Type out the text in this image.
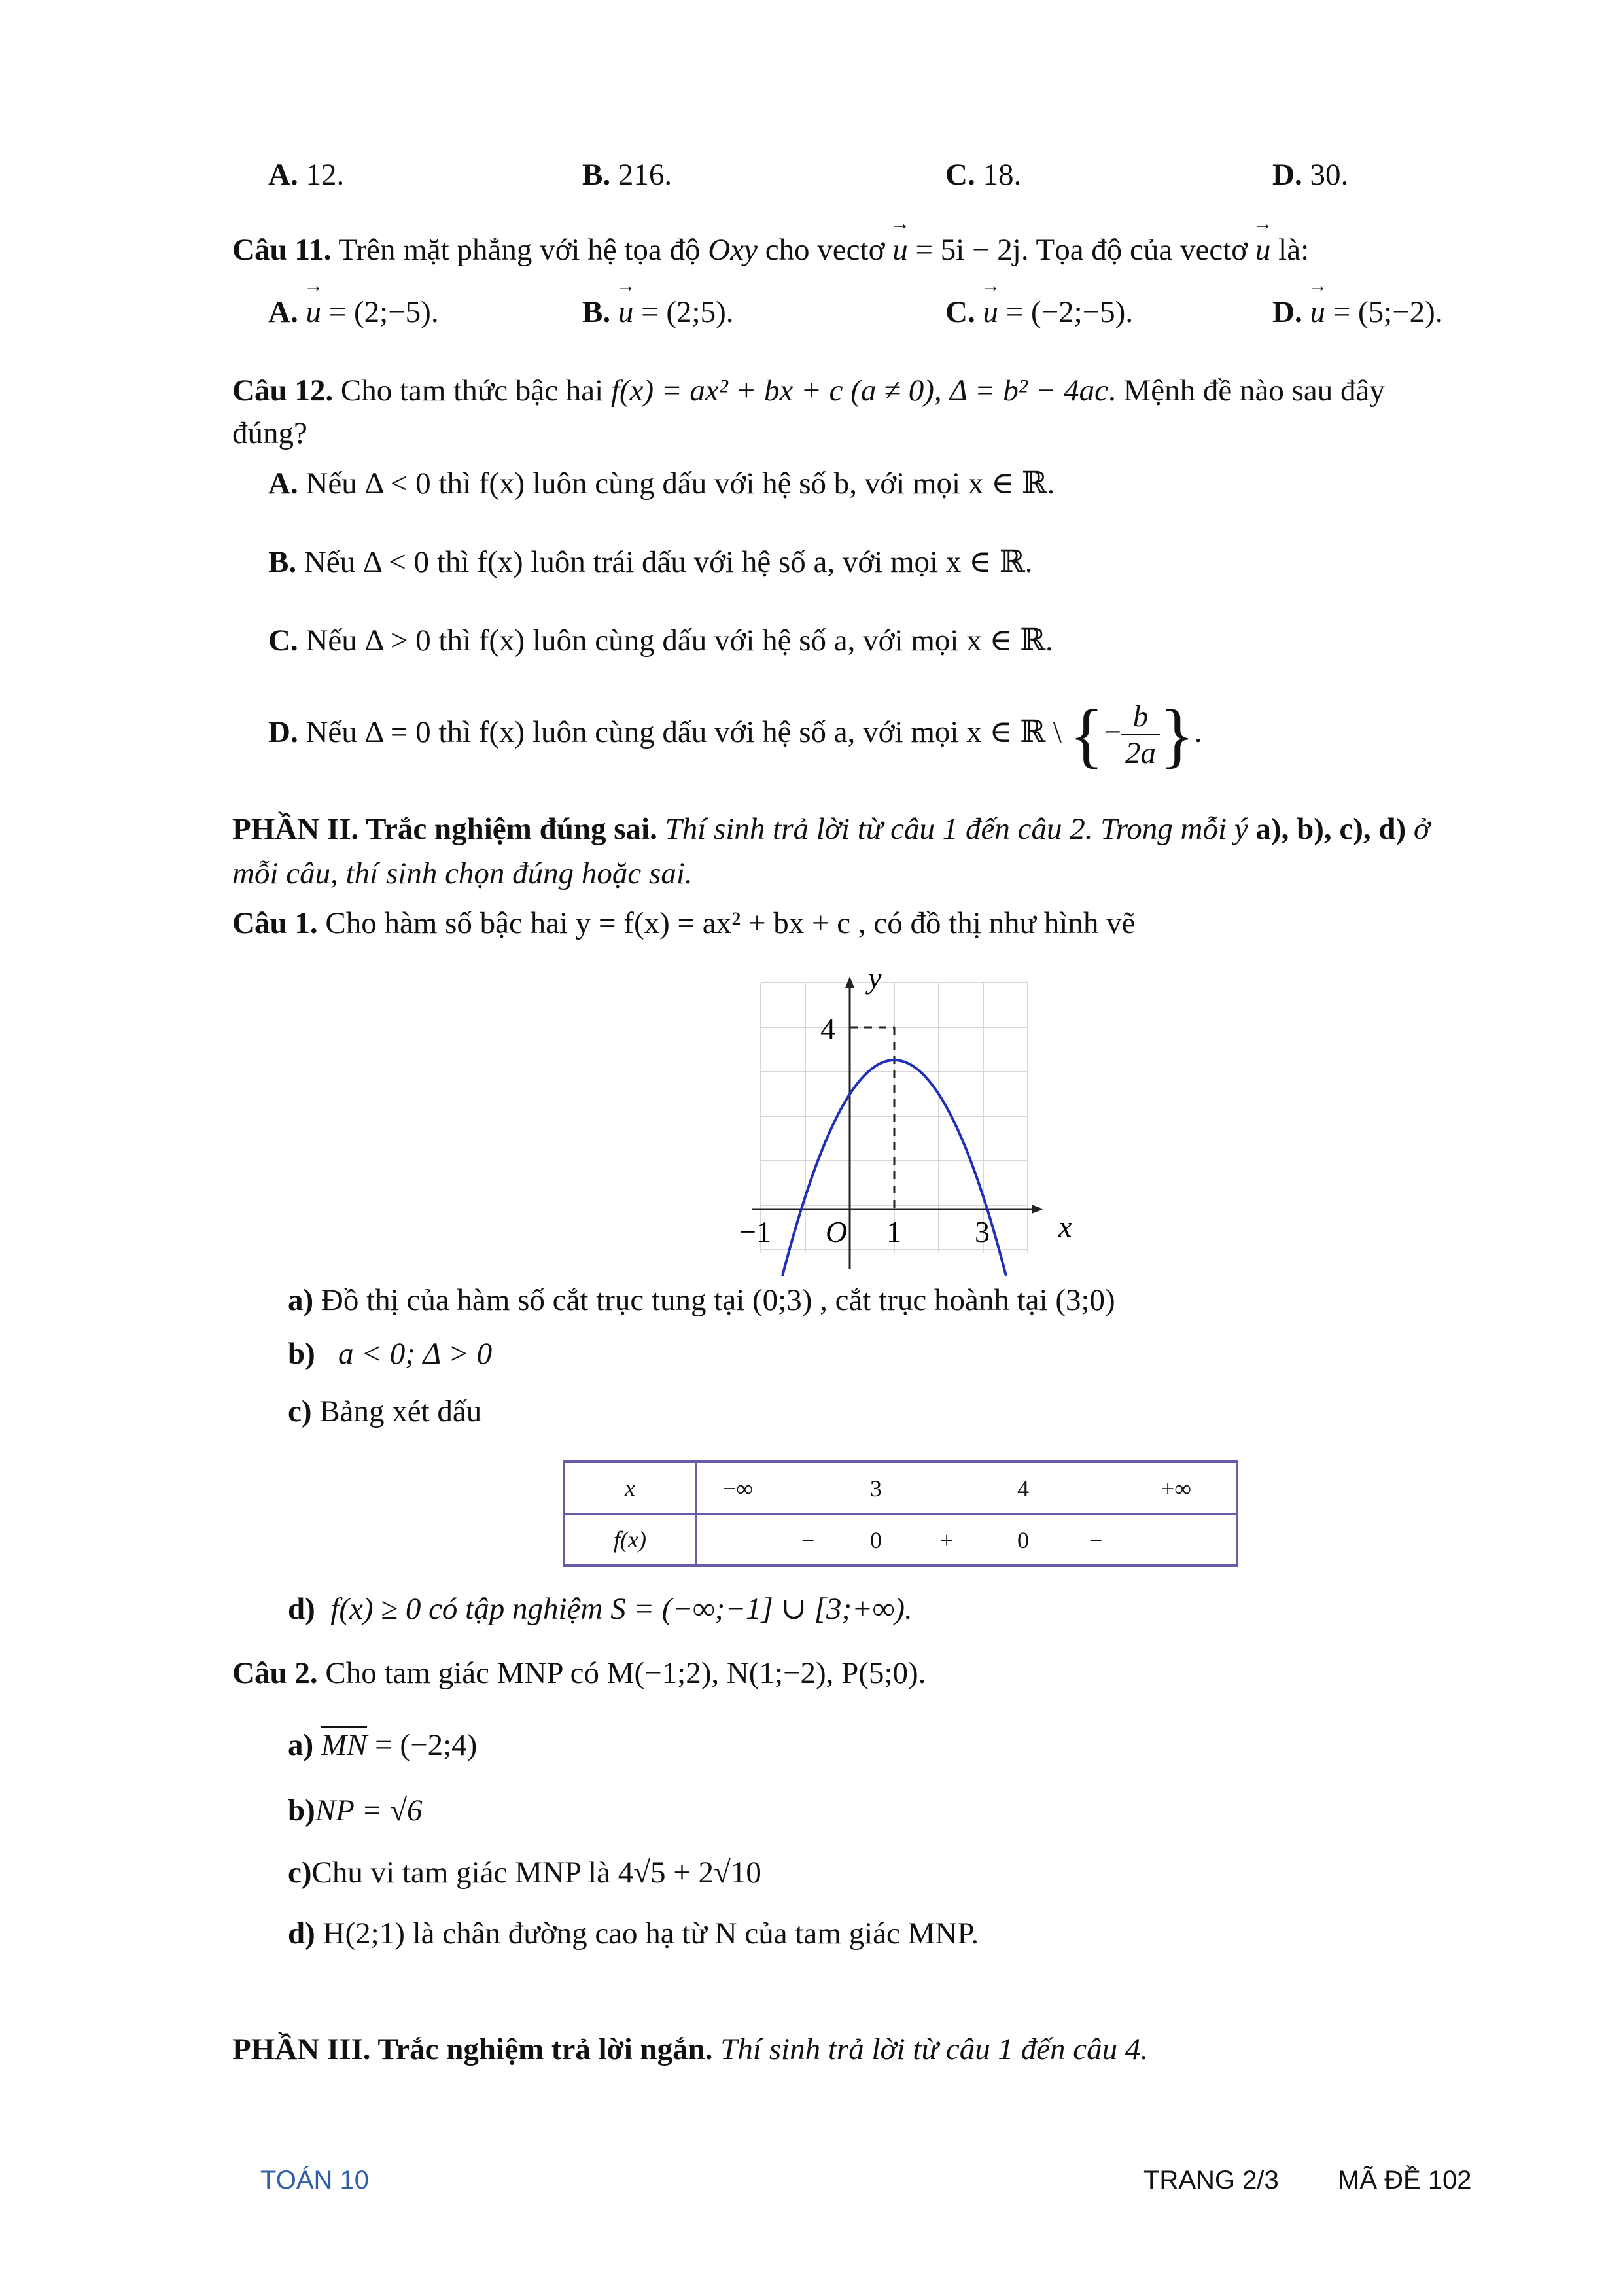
A. 12.	B. 216.	C. 18.	D. 30.
Câu 11. Trên mặt phẳng với hệ tọa độ Oxy cho vectơ → u = 5i − 2j. Tọa độ của vectơ → u là:
A. → u = (2;−5).	B. → u = (2;5).	C. → u = (−2;−5).	D. → u = (5;−2).
Câu 12. Cho tam thức bậc hai f(x) = ax² + bx + c (a ≠ 0), Δ = b² − 4ac. Mệnh đề nào sau đây
đúng?
A. Nếu Δ < 0 thì f(x) luôn cùng dấu với hệ số b, với mọi x ∈ ℝ.
B. Nếu Δ < 0 thì f(x) luôn trái dấu với hệ số a, với mọi x ∈ ℝ.
C. Nếu Δ > 0 thì f(x) luôn cùng dấu với hệ số a, với mọi x ∈ ℝ.
D. Nếu Δ = 0 thì f(x) luôn cùng dấu với hệ số a, với mọi x ∈ ℝ \ {− $\frac{b}{2a}$ }.
PHẦN II. Trắc nghiệm đúng sai. Thí sinh trả lời từ câu 1 đến câu 2. Trong mỗi ý a), b), c), d) ở
mỗi câu, thí sinh chọn đúng hoặc sai.
Câu 1. Cho hàm số bậc hai y = f(x) = ax² + bx + c , có đồ thị như hình vẽ
y
x
4
O
−1	1 3
a) Đồ thị của hàm số cắt trục tung tại (0;3) , cắt trục hoành tại (3;0)
b) a < 0; Δ > 0
c) Bảng xét dấu
x	−∞ 3 4 +∞

f(x)	− 0 + 0 −
d) f(x) ≥ 0 có tập nghiệm S = (−∞;−1] ∪ [3;+∞).
Câu 2. Cho tam giác MNP có M(−1;2), N(1;−2), P(5;0).
a) MN = (−2;4)
b)NP = √6
c)Chu vi tam giác MNP là 4√5 + 2√10
d) H(2;1) là chân đường cao hạ từ N của tam giác MNP.
PHẦN III. Trắc nghiệm trả lời ngắn. Thí sinh trả lời từ câu 1 đến câu 4.
TOÁN 10	TRANG 2/3 MÃ ĐỀ 102
